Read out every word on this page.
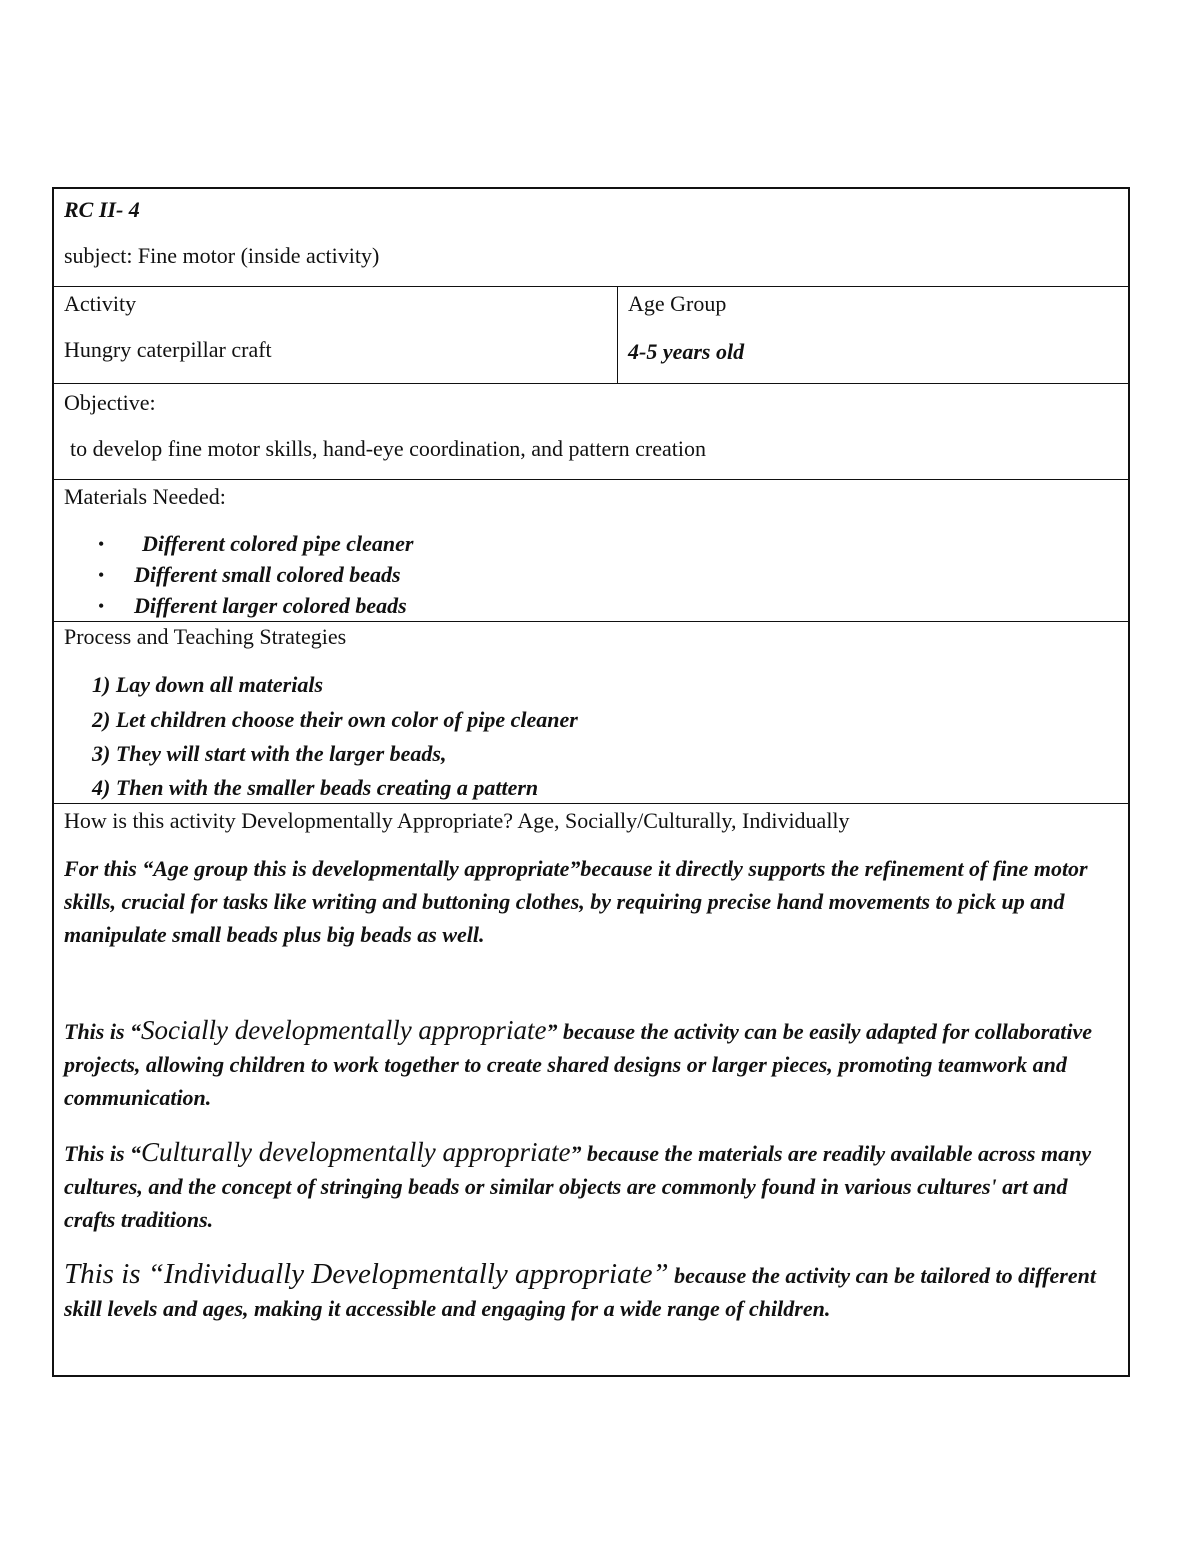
RC II- 4
subject: Fine motor (inside activity)
Activity
Hungry caterpillar craft
Age Group
4-5 years old
Objective:
to develop fine motor skills, hand-eye coordination, and pattern creation
Materials Needed:
• Different colored pipe cleaner
• Different small colored beads
• Different larger colored beads
Process and Teaching Strategies
1) Lay down all materials
2) Let children choose their own color of pipe cleaner
3) They will start with the larger beads,
4) Then with the smaller beads creating a pattern
How is this activity Developmentally Appropriate? Age, Socially/Culturally, Individually
For this “Age group this is developmentally appropriate”because it directly supports the refinement of fine motor skills, crucial for tasks like writing and buttoning clothes, by requiring precise hand movements to pick up and manipulate small beads plus big beads as well.
This is “Socially developmentally appropriate” because the activity can be easily adapted for collaborative projects, allowing children to work together to create shared designs or larger pieces, promoting teamwork and communication.
This is “Culturally developmentally appropriate” because the materials are readily available across many cultures, and the concept of stringing beads or similar objects are commonly found in various cultures' art and crafts traditions.
This is “Individually Developmentally appropriate” because the activity can be tailored to different skill levels and ages, making it accessible and engaging for a wide range of children.
